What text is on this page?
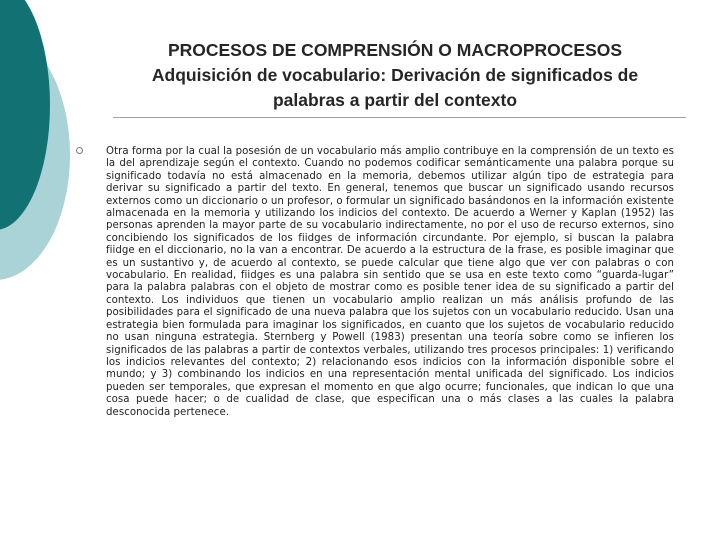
PROCESOS DE COMPRENSIÓN O MACROPROCESOS
Adquisición de vocabulario: Derivación de significados de
palabras a partir del contexto

Otra forma por la cual la posesión de un vocabulario más amplio contribuye en la comprensión de un texto es la del aprendizaje según el contexto. Cuando no podemos codificar semánticamente una palabra porque su significado todavía no está almacenado en la memoria, debemos utilizar algún tipo de estrategia para derivar su significado a partir del texto. En general, tenemos que buscar un significado usando recursos externos como un diccionario o un profesor, o formular un significado basándonos en la información existente almacenada en la memoria y utilizando los indicios del contexto. De acuerdo a Werner y Kaplan (1952) las personas aprenden la mayor parte de su vocabulario indirectamente, no por el uso de recurso externos, sino concibiendo los significados de los fiidges de información circundante. Por ejemplo, si buscan la palabra fiidge en el diccionario, no la van a encontrar. De acuerdo a la estructura de la frase, es posible imaginar que es un sustantivo y, de acuerdo al contexto, se puede calcular que tiene algo que ver con palabras o con vocabulario. En realidad, fiidges es una palabra sin sentido que se usa en este texto como “guarda-lugar” para la palabra palabras con el objeto de mostrar como es posible tener idea de su significado a partir del contexto. Los individuos que tienen un vocabulario amplio realizan un más análisis profundo de las posibilidades para el significado de una nueva palabra que los sujetos con un vocabulario reducido. Usan una estrategia bien formulada para imaginar los significados, en cuanto que los sujetos de vocabulario reducido no usan ninguna estrategia. Sternberg y Powell (1983) presentan una teoría sobre como se infieren los significados de las palabras a partir de contextos verbales, utilizando tres procesos principales: 1) verificando los indicios relevantes del contexto; 2) relacionando esos indicios con la información disponible sobre el mundo; y 3) combinando los indicios en una representación mental unificada del significado. Los indicios pueden ser temporales, que expresan el momento en que algo ocurre; funcionales, que indican lo que una cosa puede hacer; o de cualidad de clase, que especifican una o más clases a las cuales la palabra desconocida pertenece.
